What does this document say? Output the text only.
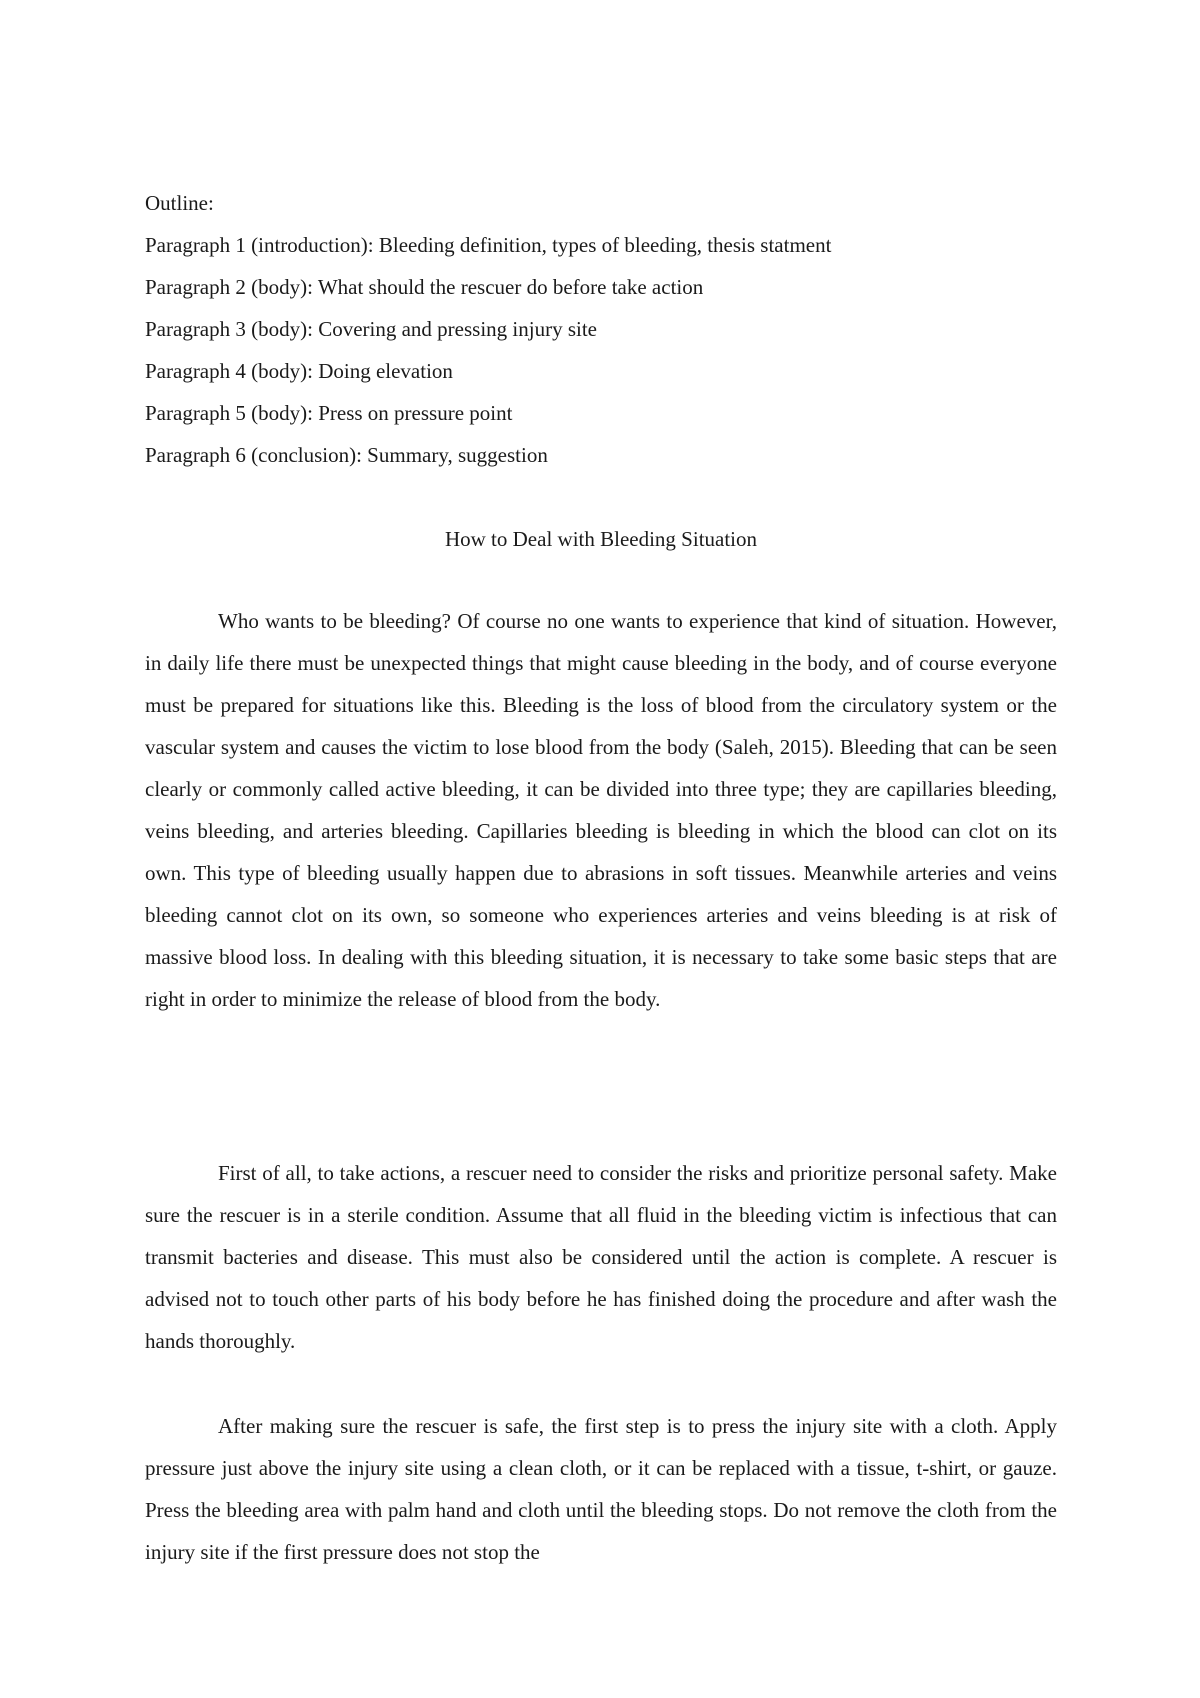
Outline:
Paragraph 1 (introduction): Bleeding definition, types of bleeding, thesis statment
Paragraph 2 (body): What should the rescuer do before take action
Paragraph 3 (body): Covering and pressing injury site
Paragraph 4 (body): Doing elevation
Paragraph 5 (body): Press on pressure point
Paragraph 6 (conclusion): Summary, suggestion
How to Deal with Bleeding Situation

Who wants to be bleeding? Of course no one wants to experience that kind of situation. However, in daily life there must be unexpected things that might cause bleeding in the body, and of course everyone must be prepared for situations like this. Bleeding is the loss of blood from the circulatory system or the vascular system and causes the victim to lose blood from the body (Saleh, 2015). Bleeding that can be seen clearly or commonly called active bleeding, it can be divided into three type; they are capillaries bleeding, veins bleeding, and arteries bleeding. Capillaries bleeding is bleeding in which the blood can clot on its own. This type of bleeding usually happen due to abrasions in soft tissues. Meanwhile arteries and veins bleeding cannot clot on its own, so someone who experiences arteries and veins bleeding is at risk of massive blood loss. In dealing with this bleeding situation, it is necessary to take some basic steps that are right in order to minimize the release of blood from the body.

First of all, to take actions, a rescuer need to consider the risks and prioritize personal safety. Make sure the rescuer is in a sterile condition. Assume that all fluid in the bleeding victim is infectious that can transmit bacteries and disease. This must also be considered until the action is complete. A rescuer is advised not to touch other parts of his body before he has finished doing the procedure and after wash the hands thoroughly.

After making sure the rescuer is safe, the first step is to press the injury site with a cloth. Apply pressure just above the injury site using a clean cloth, or it can be replaced with a tissue, t-shirt, or gauze. Press the bleeding area with palm hand and cloth until the bleeding stops. Do not remove the cloth from the injury site if the first pressure does not stop the
